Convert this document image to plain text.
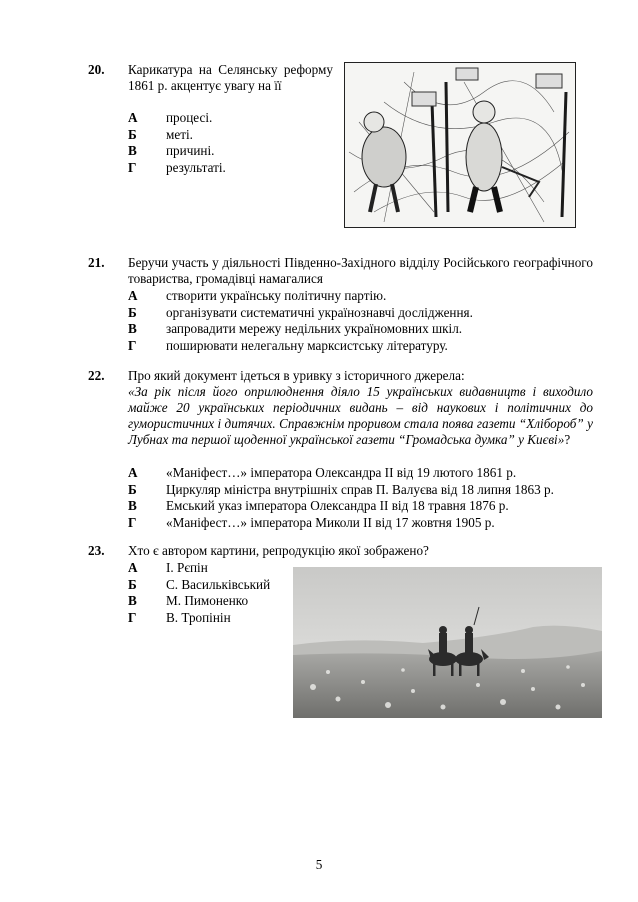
20. Карикатура на Селянську реформу 1861 р. акцентує увагу на її
А	процесі.
Б	меті.
В	причині.
Г	результаті.
21. Беручи участь у діяльності Південно-Західного відділу Російського географічного товариства, громадівці намагалися
А	створити українську політичну партію.
Б	організувати систематичні українознавчі дослідження.
В	запровадити мережу недільних україномовних шкіл.
Г	поширювати нелегальну марксистську літературу.
22. Про який документ ідеться в уривку з історичного джерела:
«За рік після його оприлюднення діяло 15 українських видавництв і виходило майже 20 українських періодичних видань – від наукових і політичних до гумористичних і дитячих. Справжнім проривом стала поява газети “Хлібороб” у Лубнах та першої щоденної української газети “Громадська думка” у Києві»?
А	«Маніфест…» імператора Олександра ІІ від 19 лютого 1861 р.
Б	Циркуляр міністра внутрішніх справ П. Валуєва від 18 липня 1863 р.
В	Емський указ імператора Олександра ІІ від 18 травня 1876 р.
Г	«Маніфест…» імператора Миколи ІІ від 17 жовтня 1905 р.
23. Хто є автором картини, репродукцію якої зображено?
А	І. Рєпін
Б	С. Васильківський
В	М. Пимоненко
Г	В. Тропінін
5
